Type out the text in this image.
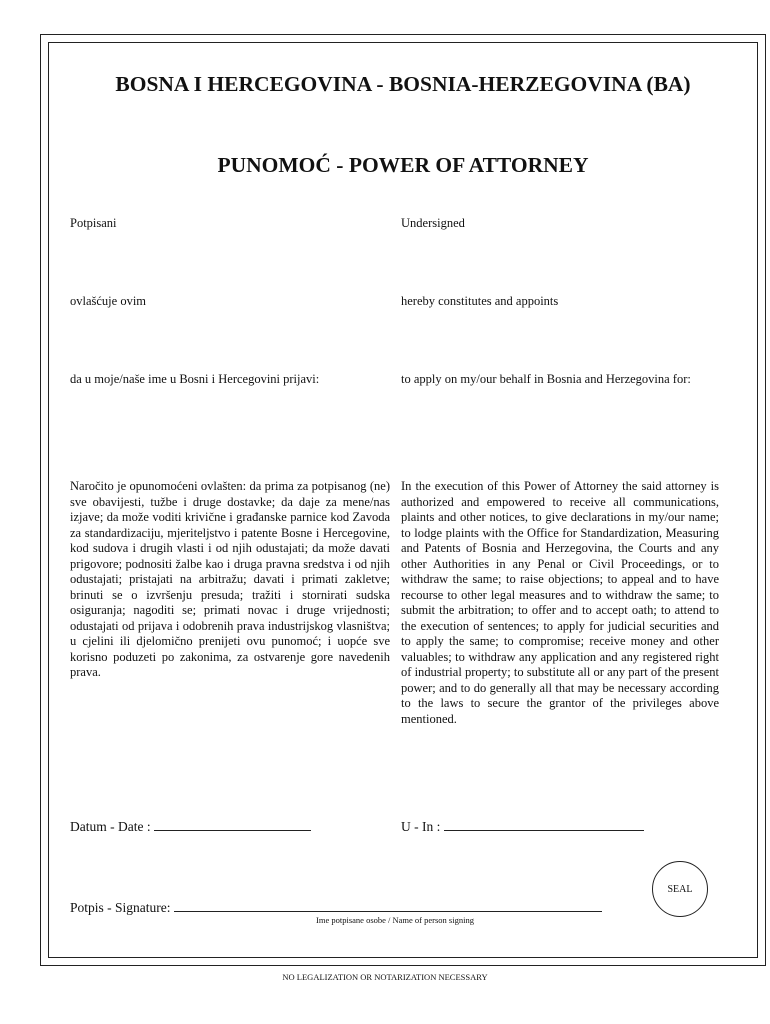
BOSNA I HERCEGOVINA - BOSNIA-HERZEGOVINA (BA)
PUNOMOĆ - POWER OF ATTORNEY
Potpisani	Undersigned
ovlašćuje ovim	hereby constitutes and appoints
da u moje/naše ime u Bosni i Hercegovini prijavi:	to apply on my/our behalf in Bosnia and Herzegovina for:
Naročito je opunomoćeni ovlašten: da prima za potpisanog (ne) sve obavijesti, tužbe i druge dostavke; da daje za mene/nas izjave; da može voditi krivične i građanske parnice kod Zavoda za standardizaciju, mjeriteljstvo i patente Bosne i Hercegovine, kod sudova i drugih vlasti i od njih odustajati; da može davati prigovore; podnositi žalbe kao i druga pravna sredstva i od njih odustajati; pristajati na arbitražu; davati i primati zakletve; brinuti se o izvršenju presuda; tražiti i stornirati sudska osiguranja; nagoditi se; primati novac i druge vrijednosti; odustajati od prijava i odobrenih prava industrijskog vlasništva; u cjelini ili djelomično prenijeti ovu punomoć; i uopće sve korisno poduzeti po zakonima, za ostvarenje gore navedenih prava.
In the execution of this Power of Attorney the said attorney is authorized and empowered to receive all communications, plaints and other notices, to give declarations in my/our name; to lodge plaints with the Office for Standardization, Measuring and Patents of Bosnia and Herzegovina, the Courts and any other Authorities in any Penal or Civil Proceedings, or to withdraw the same; to raise objections; to appeal and to have recourse to other legal measures and to withdraw the same; to submit the arbitration; to offer and to accept oath; to attend to the execution of sentences; to apply for judicial securities and to apply the same; to compromise; receive money and other valuables; to withdraw any application and any registered right of industrial property; to substitute all or any part of the present power; and to do generally all that may be necessary according to the laws to secure the grantor of the privileges above mentioned.
Datum - Date :	U - In :
Potpis - Signature:
Ime potpisane osobe / Name of person signing
SEAL
NO LEGALIZATION OR NOTARIZATION NECESSARY
